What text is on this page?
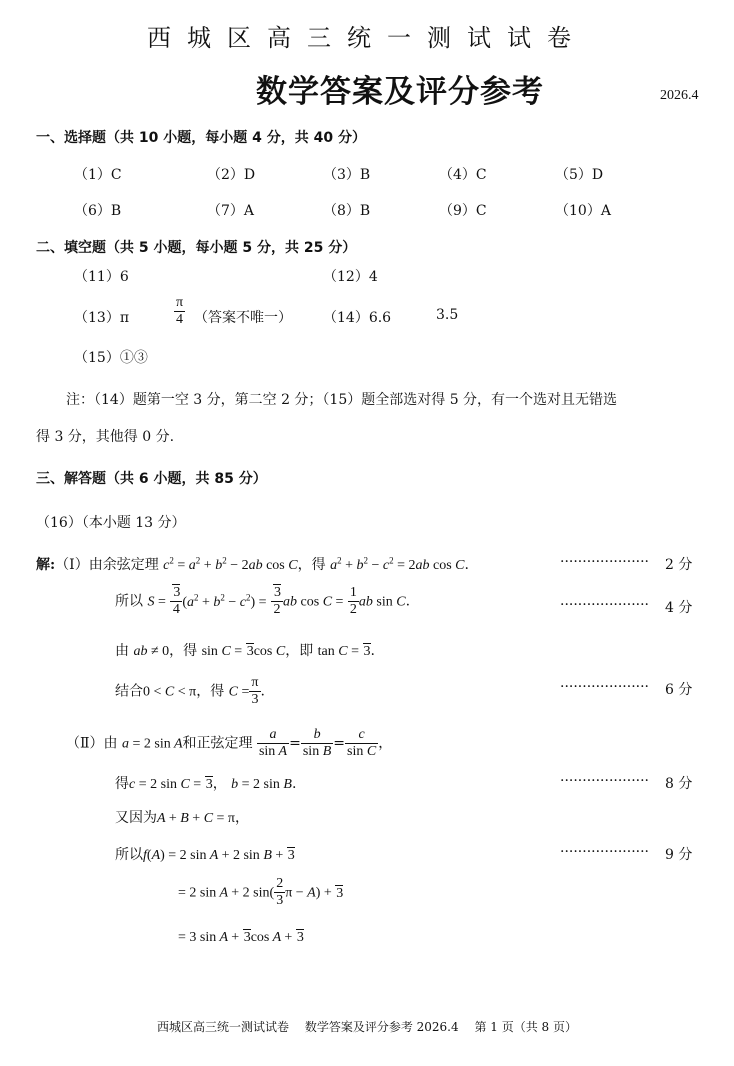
西城区高三统一测试试卷
数学答案及评分参考	2026.4
一、选择题（共 10 小题，每小题 4 分，共 40 分）
（1）C	（2）D	（3）B	（4）C	（5）D
（6）B	（7）A	（8）B	（9）C	（10）A
二、填空题（共 5 小题，每小题 5 分，共 25 分）
（11）6	（12）4
（13）π	$\frac{\pi}{4}$ （答案不唯一） （14）6.6	3.5
（15）①③
注：（14）题第一空 3 分，第二空 2 分；（15）题全部选对得 5 分，有一个选对且无错选
得 3 分，其他得 0 分.
三、解答题（共 6 小题，共 85 分）
（16）（本小题 13 分）
解:（Ⅰ）由余弦定理 $c^2 = a^2 + b^2 - 2ab$ cos C，得 $a^2 + b^2 - c^2 = 2ab$ cos C.	···················· 2 分
所以 $S = \frac{3}{4} (a^2 + b^2 - c^2) = \frac{3}{2}$ ab $\cos C = \frac{1}{2}$ ab sin C.	···················· 4 分
由 ab ≠ 0，得 sin C = 3cos C，即 tan C = 3.
结合0 < C < π，得 $C = \frac{\pi}{3}$ .	···················· 6 分
（Ⅱ）由 a = 2 sin A和正弦定理 $\frac{a}{\text{sin A}} = \frac{b}{\text{sin B}} = \frac{c}{\text{sin C}}$ ，
得c = 2 sin C = 3， b = 2 sin B.	···················· 8 分
又因为A + B + C = π，
所以f(A) = 2 sin A + 2 sin B + 3	···················· 9 分
= 2 sin A + 2 $\sin( \frac{2}{3}$ π − A) + 3
= 3 sin A + 3cos A + 3
西城区高三统一测试试卷　 数学答案及评分参考 2026.4　 第 1 页（共 8 页）
